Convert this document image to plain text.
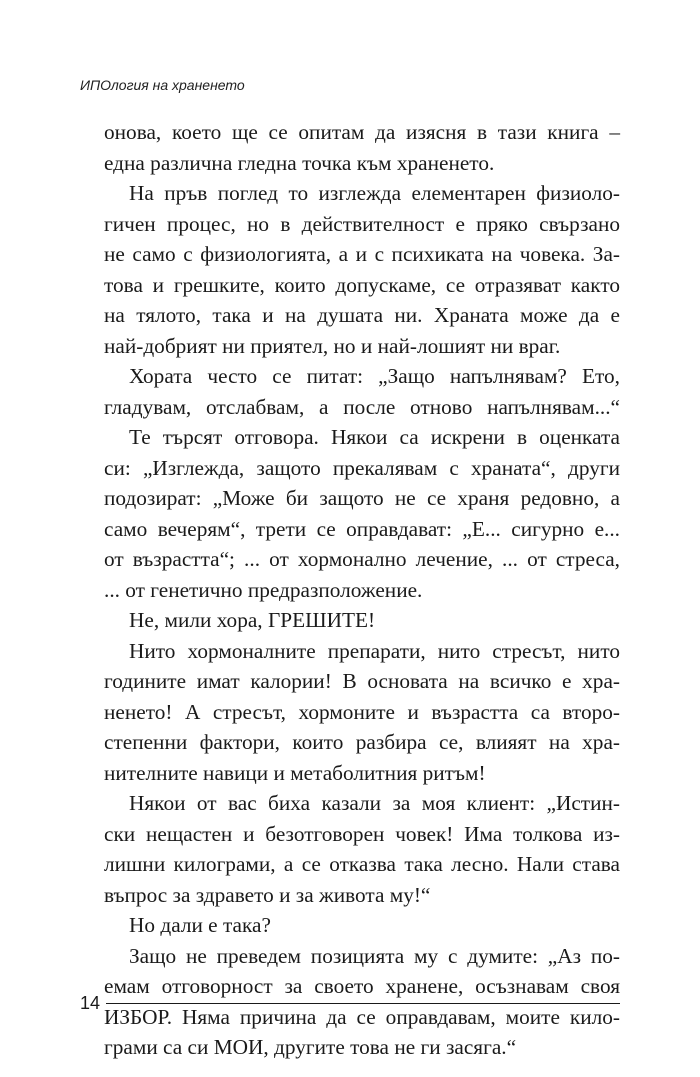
ИПОлогия на храненето
онова, което ще се опитам да изясня в тази книга –
една различна гледна точка към храненето.
На пръв поглед то изглежда елементарен физиоло-
гичен процес, но в действителност е пряко свързано
не само с физиологията, а и с психиката на човека. За-
това и грешките, които допускаме, се отразяват както
на тялото, така и на душата ни. Храната може да е
най-добрият ни приятел, но и най-лошият ни враг.
Хората често се питат: „Защо напълнявам? Ето,
гладувам, отслабвам, а после отново напълнявам...“
Те търсят отговора. Някои са искрени в оценката
си: „Изглежда, защото прекалявам с храната“, други
подозират: „Може би защото не се храня редовно, а
само вечерям“, трети се оправдават: „Е... сигурно е...
от възрастта“; ... от хормонално лечение, ... от стреса,
... от генетично предразположение.
Не, мили хора, ГРЕШИТЕ!
Нито хормоналните препарати, нито стресът, нито
годините имат калории! В основата на всичко е хра-
ненето! А стресът, хормоните и възрастта са второ-
степенни фактори, които разбира се, влияят на хра-
нителните навици и метаболитния ритъм!
Някои от вас биха казали за моя клиент: „Истин-
ски нещастен и безотговорен човек! Има толкова из-
лишни килограми, а се отказва така лесно. Нали става
въпрос за здравето и за живота му!“
Но дали е така?
Защо не преведем позицията му с думите: „Аз по-
емам отговорност за своето хранене, осъзнавам своя
ИЗБОР. Няма причина да се оправдавам, моите кило-
грами са си МОИ, другите това не ги засяга.“
14
